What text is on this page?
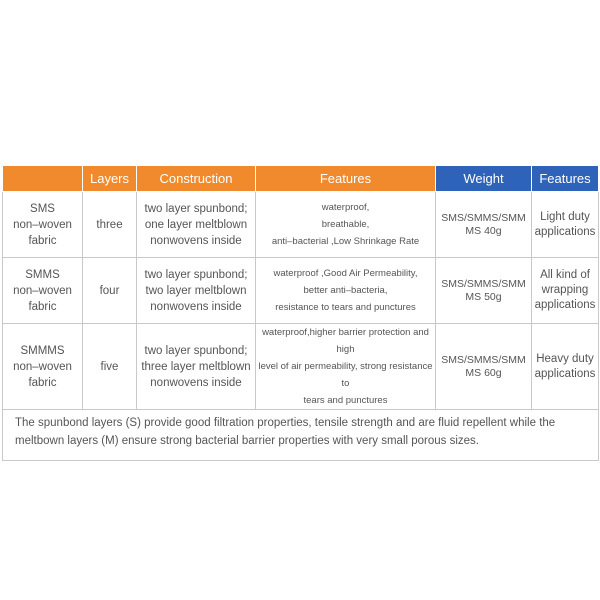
	Layers	Construction	Features	Weight	Features

SMS
non–woven
fabric	three	two layer spunbond;
one layer meltblown
nonwovens inside	waterproof,
breathable,
anti–bacterial ,Low Shrinkage Rate	SMS/SMMS/SMM
MS 40g	Light duty
applications

SMMS
non–woven
fabric	four	two layer spunbond;
two layer meltblown
nonwovens inside	waterproof ,Good Air Permeability,
better anti–bacteria,
resistance to tears and punctures	SMS/SMMS/SMM
MS 50g	All kind of
wrapping
applications

SMMMS
non–woven
fabric	five	two layer spunbond;
three layer meltblown
nonwovens inside	waterproof,higher barrier protection and high
level of air permeability, strong resistance to
tears and punctures	SMS/SMMS/SMM
MS 60g	Heavy duty
applications

The spunbond layers (S) provide good filtration properties, tensile strength and are fluid repellent while the meltbown layers (M) ensure strong bacterial barrier properties with very small porous sizes.					
